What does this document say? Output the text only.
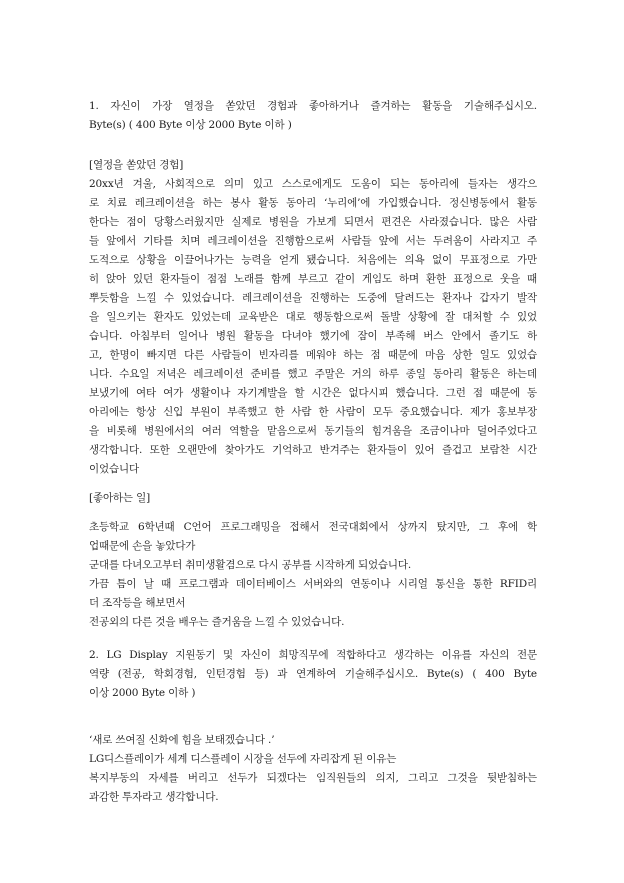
1. 자신이 가장 열정을 쏟았던 경험과 좋아하거나 즐겨하는 활동을 기술해주십시오.
Byte(s) ( 400 Byte 이상 2000 Byte 이하 )
[열정을 쏟았던 경험]
20xx년 겨울, 사회적으로 의미 있고 스스로에게도 도움이 되는 동아리에 들자는 생각으
로 치료 레크레이션을 하는 봉사 활동 동아리 ‘누리에’에 가입했습니다. 정신병동에서 활동
한다는 점이 당황스러웠지만 실제로 병원을 가보게 되면서 편견은 사라졌습니다. 많은 사람
들 앞에서 기타를 치며 레크레이션을 진행함으로써 사람들 앞에 서는 두려움이 사라지고 주
도적으로 상황을 이끌어나가는 능력을 얻게 됐습니다. 처음에는 의욕 없이 무표정으로 가만
히 앉아 있던 환자들이 점점 노래를 함께 부르고 같이 게임도 하며 환한 표정으로 웃을 때
뿌듯함을 느낄 수 있었습니다. 레크레이션을 진행하는 도중에 달려드는 환자나 갑자기 발작
을 일으키는 환자도 있었는데 교육받은 대로 행동함으로써 돌발 상황에 잘 대처할 수 있었
습니다. 아침부터 일어나 병원 활동을 다녀야 했기에 잠이 부족해 버스 안에서 졸기도 하
고, 한명이 빠지면 다른 사람들이 빈자리를 메워야 하는 점 때문에 마음 상한 일도 있었습
니다. 수요일 저녁은 레크레이션 준비를 했고 주말은 거의 하루 종일 동아리 활동은 하는데
보냈기에 여타 여가 생활이나 자기계발을 할 시간은 없다시피 했습니다. 그런 점 때문에 동
아리에는 항상 신입 부원이 부족했고 한 사람 한 사람이 모두 중요했습니다. 제가 홍보부장
을 비롯해 병원에서의 여러 역할을 맡음으로써 동기들의 힘겨움을 조금이나마 덜어주었다고
생각합니다. 또한 오랜만에 찾아가도 기억하고 반겨주는 환자들이 있어 즐겁고 보람찬 시간
이었습니다
[좋아하는 일]
초등학교 6학년때 C언어 프로그래밍을 접해서 전국대회에서 상까지 탔지만, 그 후에 학
업때문에 손을 놓았다가
군대를 다녀오고부터 취미생활겸으로 다시 공부를 시작하게 되었습니다.
가끔 틈이 날 때 프로그램과 데이터베이스 서버와의 연동이나 시리얼 통신을 통한 RFID리
더 조작등을 해보면서
전공외의 다른 것을 배우는 즐거움을 느낄 수 있었습니다.
2. LG Display 지원동기 및 자신이 희망직무에 적합하다고 생각하는 이유를 자신의 전문
역량 (전공, 학회경험, 인턴경험 등) 과 연계하여 기술해주십시오. Byte(s) ( 400 Byte
이상 2000 Byte 이하 )
‘새로 쓰여질 신화에 힘을 보태겠습니다 .’
LG디스플레이가 세계 디스플레이 시장을 선두에 자리잡게 된 이유는
복지부동의 자세를 버리고 선두가 되겠다는 임직원들의 의지, 그리고 그것을 뒷받침하는
과감한 투자라고 생각합니다.
